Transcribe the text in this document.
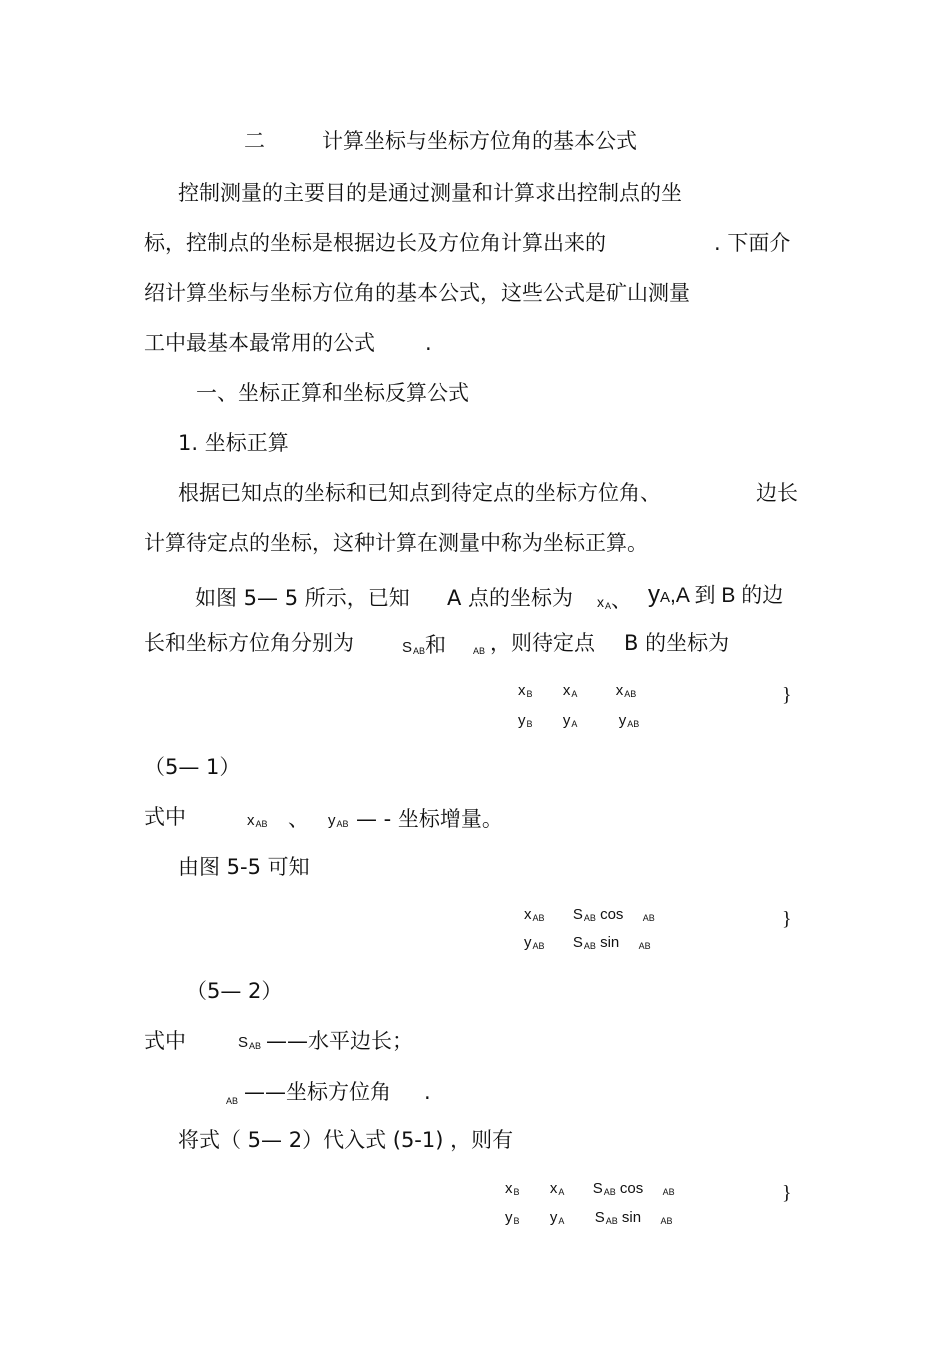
二	计算坐标与坐标方位角的基本公式
控制测量的主要目的是通过测量和计算求出控制点的坐
标，控制点的坐标是根据边长及方位角计算出来的	. 下面介
绍计算坐标与坐标方位角的基本公式，这些公式是矿山测量
工中最基本最常用的公式 .
一、坐标正算和坐标反算公式
1. 坐标正算
根据已知点的坐标和已知点到待定点的坐标方位角、	边长
计算待定点的坐标，这种计算在测量中称为坐标正算。
如图 5— 5 所示，已知 A 点的坐标为 $x_A$、 yA,A 到 B 的边
长和坐标方位角分别为	$S_{AB}$和	AB ，则待定点 B 的坐标为
$x_B$ $x_A$	$x_{AB}$
$y_B$ $y_A$	$y_{AB}$
}
（5— 1）
式中	$x_{AB}$ 、 $y_{AB}$ — - 坐标增量。
由图 5-5 可知
$x_{AB}$ $S_{AB}$ cos $_{AB}$
$y_{AB}$ $S_{AB}$ sin $_{AB}$
}
（5— 2）
式中	$S_{AB}$ ——水平边长；
AB ——坐标方位角 .
将式（ 5— 2）代入式 (5-1) ，则有
$x_B$ $x_A$ $S_{AB}$ cos $_{AB}$
$y_B$ $y_A$ $S_{AB}$ sin $_{AB}$
}
